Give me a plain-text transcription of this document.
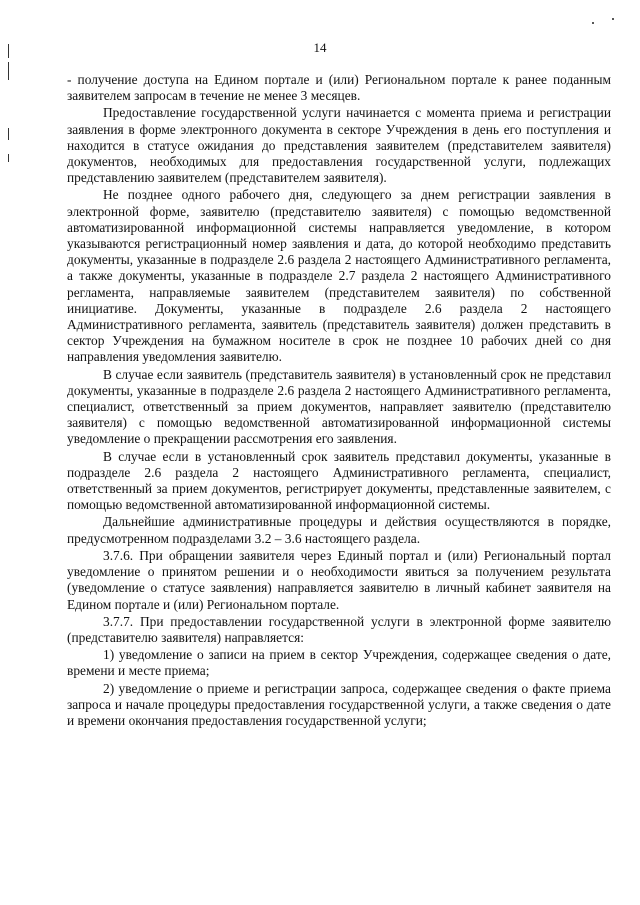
14

- получение доступа на Едином портале и (или) Региональном портале к ранее поданным заявителем запросам в течение не менее 3 месяцев.

Предоставление государственной услуги начинается с момента приема и регистрации заявления в форме электронного документа в секторе Учреждения в день его поступления и находится в статусе ожидания до представления заявителем (представителем заявителя) документов, необходимых для предоставления государственной услуги, подлежащих представлению заявителем (представителем заявителя).

Не позднее одного рабочего дня, следующего за днем регистрации заявления в электронной форме, заявителю (представителю заявителя) с помощью ведомственной автоматизированной информационной системы направляется уведомление, в котором указываются регистрационный номер заявления и дата, до которой необходимо представить документы, указанные в подразделе 2.6 раздела 2 настоящего Административного регламента, а также документы, указанные в подразделе 2.7 раздела 2 настоящего Административного регламента, направляемые заявителем (представителем заявителя) по собственной инициативе. Документы, указанные в подразделе 2.6 раздела 2 настоящего Административного регламента, заявитель (представитель заявителя) должен представить в сектор Учреждения на бумажном носителе в срок не позднее 10 рабочих дней со дня направления уведомления заявителю.

В случае если заявитель (представитель заявителя) в установленный срок не представил документы, указанные в подразделе 2.6 раздела 2 настоящего Административного регламента, специалист, ответственный за прием документов, направляет заявителю (представителю заявителя) с помощью ведомственной автоматизированной информационной системы уведомление о прекращении рассмотрения его заявления.

В случае если в установленный срок заявитель представил документы, указанные в подразделе 2.6 раздела 2 настоящего Административного регламента, специалист, ответственный за прием документов, регистрирует документы, представленные заявителем, с помощью ведомственной автоматизированной информационной системы.

Дальнейшие административные процедуры и действия осуществляются в порядке, предусмотренном подразделами 3.2 – 3.6 настоящего раздела.

3.7.6. При обращении заявителя через Единый портал и (или) Региональный портал уведомление о принятом решении и о необходимости явиться за получением результата (уведомление о статусе заявления) направляется заявителю в личный кабинет заявителя на Едином портале и (или) Региональном портале.

3.7.7. При предоставлении государственной услуги в электронной форме заявителю (представителю заявителя) направляется:

1) уведомление о записи на прием в сектор Учреждения, содержащее сведения о дате, времени и месте приема;

2) уведомление о приеме и регистрации запроса, содержащее сведения о факте приема запроса и начале процедуры предоставления государственной услуги, а также сведения о дате и времени окончания предоставления государственной услуги;
